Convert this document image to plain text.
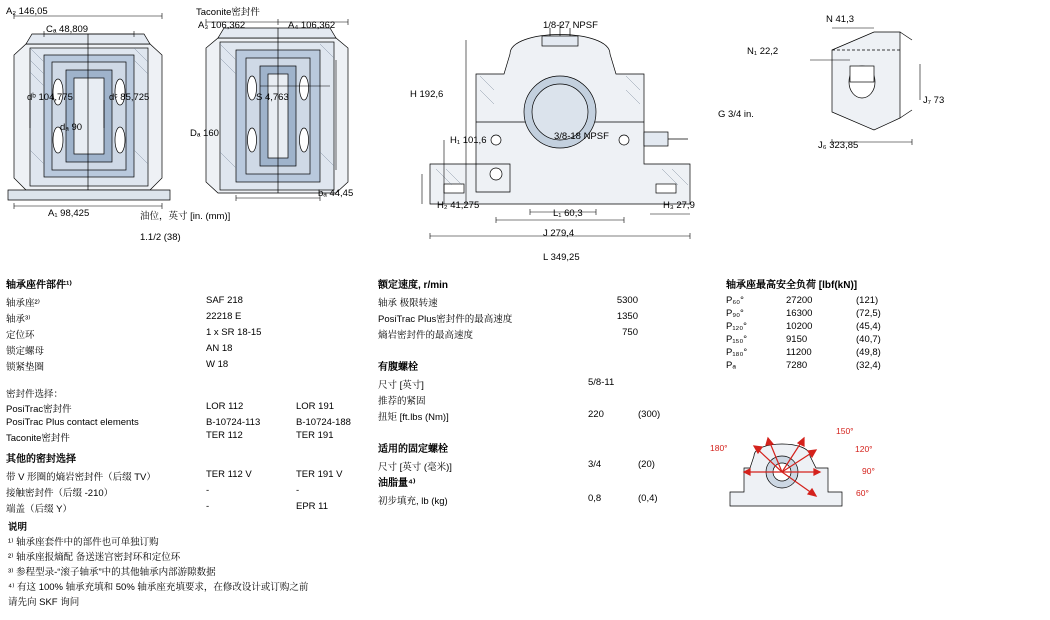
A₂ 146,05
Cₐ 48,809
dᵇ 104,775	dᶜ 85,725
dₐ 90
A₁ 98,425	油位，英寸 [in. (mm)]
1.1/2 (38)
Taconite密封件
A₃ 106,362	A₄ 106,362
S 4,763
Dₐ 160
bₐ 44,45
1/8-27 NPSF
3/8-18 NPSF
G 3/4 in.
H 192,6
H₁ 101,6
H₂ 41,275	H₃ 27,9
L₁ 60,3
J 279,4
L 349,25
N 41,3
N₁ 22,2
J₇ 73
J₆ 323,85
轴承座件部件¹⁾
轴承座²⁾	SAF 218	
轴承³⁾	22218 E	
定位环	1 x SR 18-15	
锁定螺母	AN 18	
锁紧垫圈	W 18	
密封件选择：
PosiTrac密封件	LOR 112	LOR 191
PosiTrac Plus contact elements	B-10724-113	B-10724-188
Taconite密封件	TER 112	TER 191
其他的密封选择
带 V 形圈的熵岩密封件（后缀 TV）	TER 112 V	TER 191 V
接触密封件（后缀 -210）	-	-
端盖（后缀 Y）	-	EPR 11
额定速度, r/min
轴承 极限转速	5300	
PosiTrac Plus密封件的最高速度	1350	
熵岩密封件的最高速度	750	
有腹螺栓
尺寸 [英寸]	5/8-11	
推荐的紧固		
扭矩 [ft.lbs (Nm)]	220	(300)
适用的固定螺栓
尺寸 [英寸 (毫米)]	3/4	(20)
油脂量⁴⁾
初步填充, lb (kg)	0,8	(0,4)
轴承座最高安全负荷 [lbf(kN)]
P₆₀°	27200	(121)
P₉₀°	16300	(72,5)
P₁₂₀°	10200	(45,4)
P₁₅₀°	9150	(40,7)
P₁₈₀°	11200	(49,8)
Pₐ	7280	(32,4)
180°
150°
120°
90°
60°
说明
¹⁾ 轴承座套件中的部件也可单独订购
²⁾ 轴承座报熵配 备送迷宫密封环和定位环
³⁾ 参程型录-“滚子轴承”中的其他轴承内部游隙数据
⁴⁾ 有这 100% 轴承充填和 50% 轴承座充填要求，在修改设计或订购之前
请先向 SKF 询问
